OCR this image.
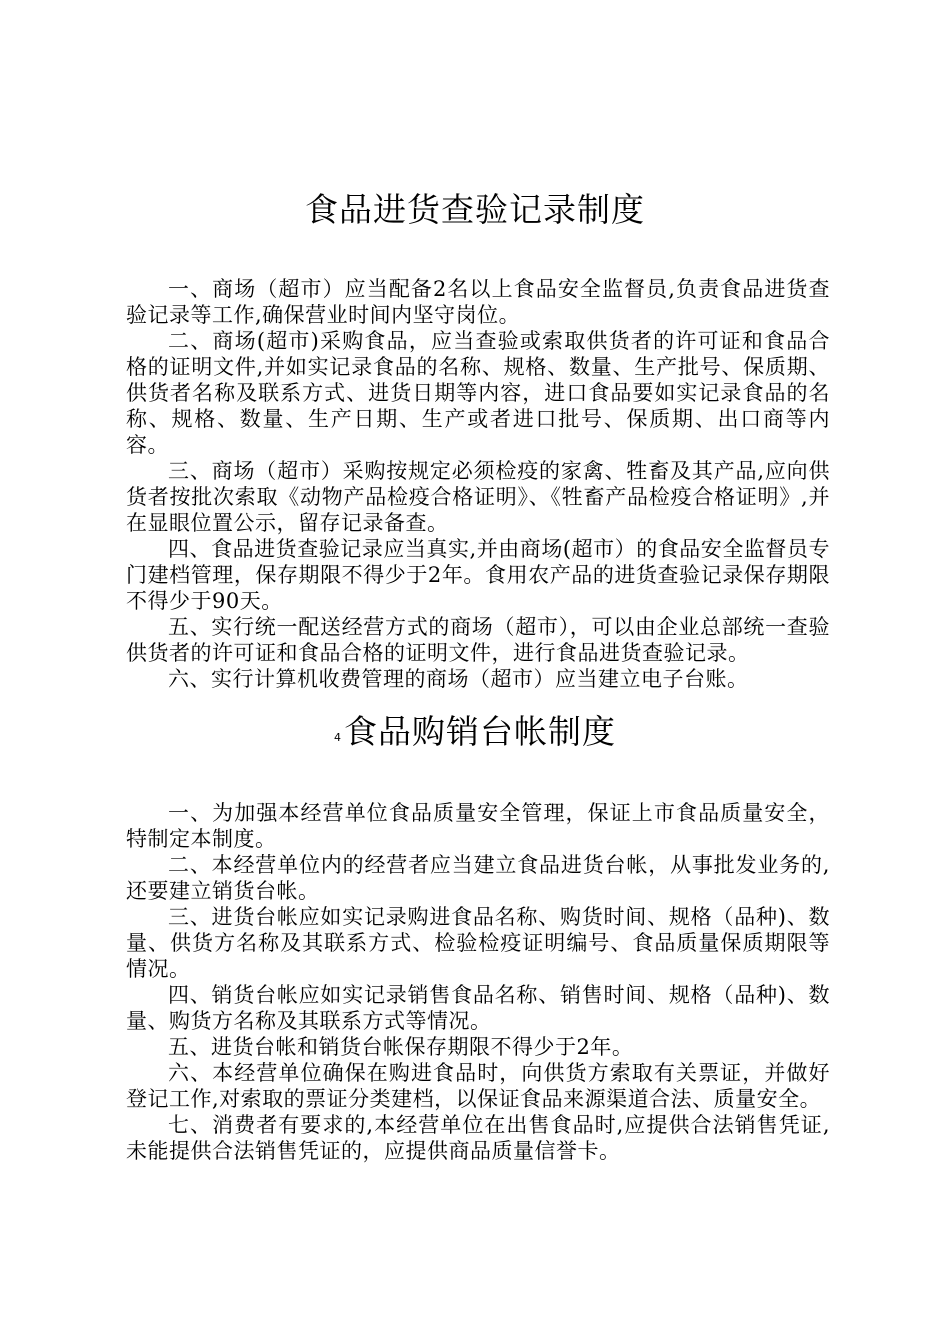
食品进货查验记录制度

一、商场（超市）应当配备2名以上食品安全监督员,负责食品进货查验记录等工作,确保营业时间内坚守岗位。

二、商场(超市)采购食品，应当查验或索取供货者的许可证和食品合格的证明文件,并如实记录食品的名称、规格、数量、生产批号、保质期、供货者名称及联系方式、进货日期等内容，进口食品要如实记录食品的名称、规格、数量、生产日期、生产或者进口批号、保质期、出口商等内容。

三、商场（超市）采购按规定必须检疫的家禽、牲畜及其产品,应向供货者按批次索取《动物产品检疫合格证明》、《牲畜产品检疫合格证明》,并在显眼位置公示，留存记录备查。

四、食品进货查验记录应当真实,并由商场(超市）的食品安全监督员专门建档管理，保存期限不得少于2年。食用农产品的进货查验记录保存期限不得少于90天。

五、实行统一配送经营方式的商场（超市），可以由企业总部统一查验供货者的许可证和食品合格的证明文件，进行食品进货查验记录。

六、实行计算机收费管理的商场（超市）应当建立电子台账。

4食品购销台帐制度

一、为加强本经营单位食品质量安全管理，保证上市食品质量安全，特制定本制度。

二、本经营单位内的经营者应当建立食品进货台帐，从事批发业务的,还要建立销货台帐。

三、进货台帐应如实记录购进食品名称、购货时间、规格（品种)、数量、供货方名称及其联系方式、检验检疫证明编号、食品质量保质期限等情况。

四、销货台帐应如实记录销售食品名称、销售时间、规格（品种)、数量、购货方名称及其联系方式等情况。

五、进货台帐和销货台帐保存期限不得少于2年。

六、本经营单位确保在购进食品时，向供货方索取有关票证，并做好登记工作,对索取的票证分类建档，以保证食品来源渠道合法、质量安全。

七、消费者有要求的,本经营单位在出售食品时,应提供合法销售凭证,未能提供合法销售凭证的，应提供商品质量信誉卡。
